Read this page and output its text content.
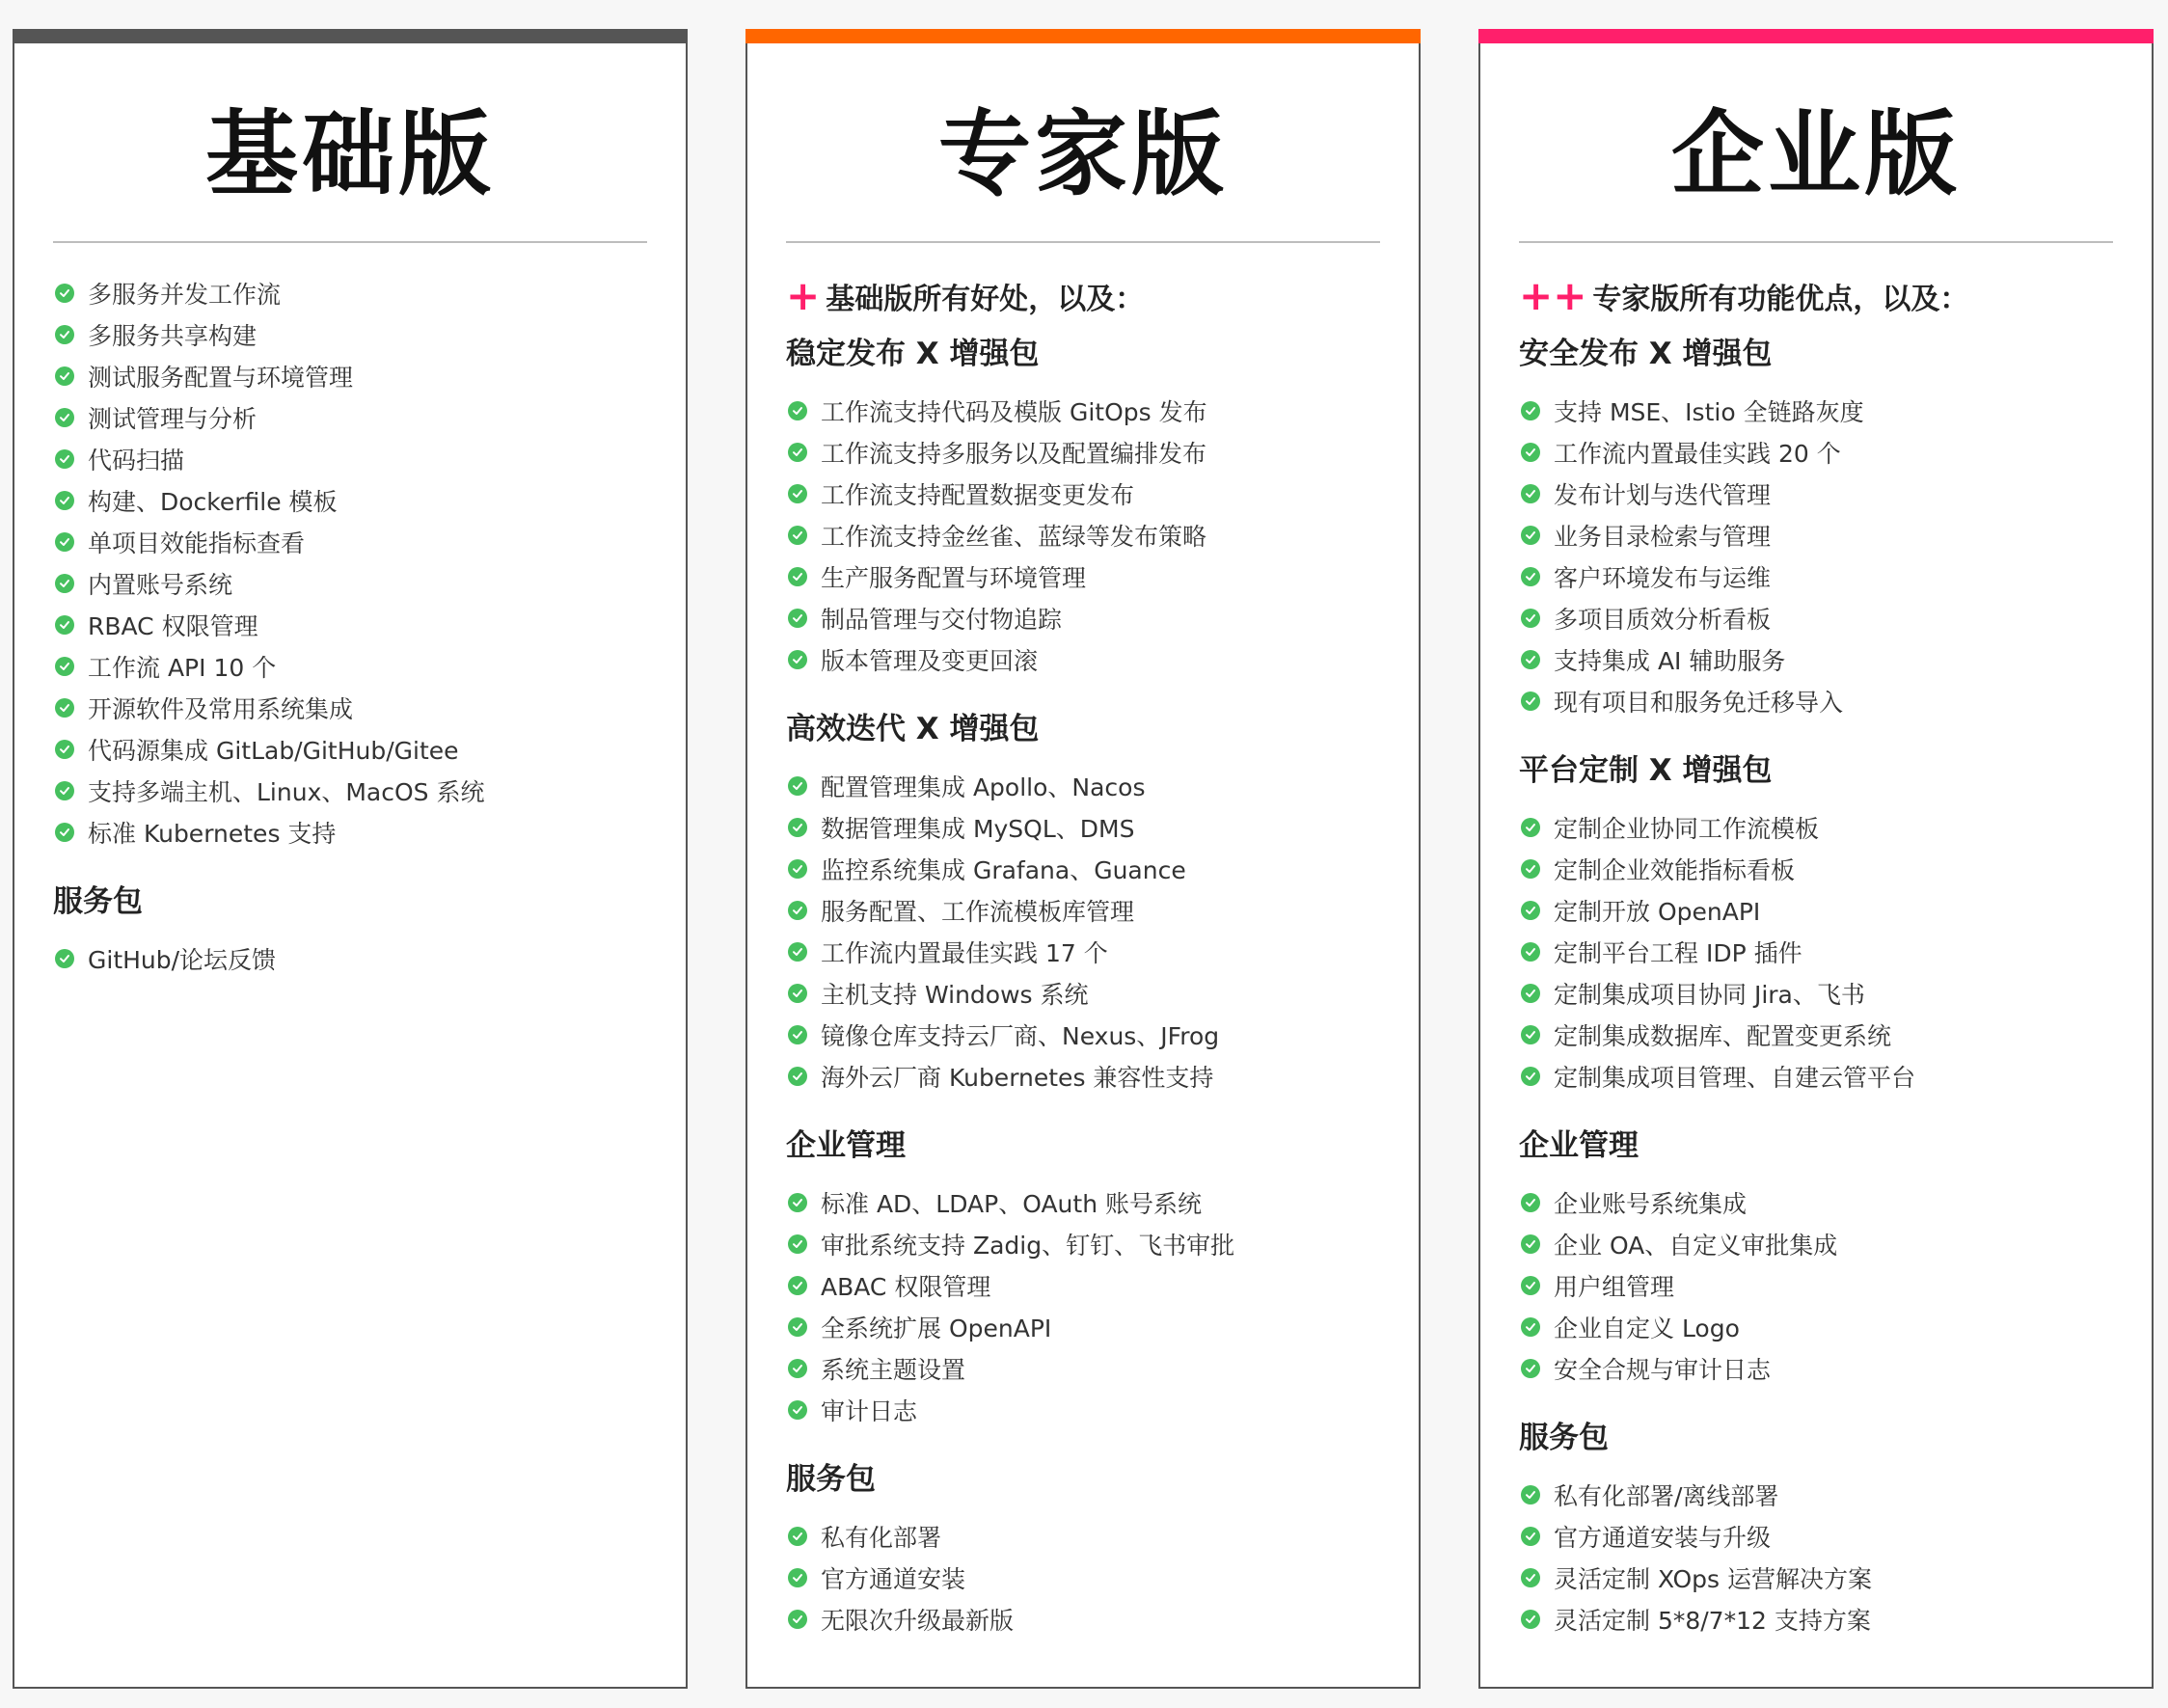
基础版
多服务并发工作流
多服务共享构建
测试服务配置与环境管理
测试管理与分析
代码扫描
构建、Dockerfile 模板
单项目效能指标查看
内置账号系统
RBAC 权限管理
工作流 API 10 个
开源软件及常用系统集成
代码源集成 GitLab/GitHub/Gitee
支持多端主机、Linux、MacOS 系统
标准 Kubernetes 支持
服务包
GitHub/论坛反馈
专家版
+ 基础版所有好处，以及：
稳定发布 X 增强包
工作流支持代码及模版 GitOps 发布
工作流支持多服务以及配置编排发布
工作流支持配置数据变更发布
工作流支持金丝雀、蓝绿等发布策略
生产服务配置与环境管理
制品管理与交付物追踪
版本管理及变更回滚
高效迭代 X 增强包
配置管理集成 Apollo、Nacos
数据管理集成 MySQL、DMS
监控系统集成 Grafana、Guance
服务配置、工作流模板库管理
工作流内置最佳实践 17 个
主机支持 Windows 系统
镜像仓库支持云厂商、Nexus、JFrog
海外云厂商 Kubernetes 兼容性支持
企业管理
标准 AD、LDAP、OAuth 账号系统
审批系统支持 Zadig、钉钉、飞书审批
ABAC 权限管理
全系统扩展 OpenAPI
系统主题设置
审计日志
服务包
私有化部署
官方通道安装
无限次升级最新版
企业版
++ 专家版所有功能优点，以及：
安全发布 X 增强包
支持 MSE、Istio 全链路灰度
工作流内置最佳实践 20 个
发布计划与迭代管理
业务目录检索与管理
客户环境发布与运维
多项目质效分析看板
支持集成 AI 辅助服务
现有项目和服务免迁移导入
平台定制 X 增强包
定制企业协同工作流模板
定制企业效能指标看板
定制开放 OpenAPI
定制平台工程 IDP 插件
定制集成项目协同 Jira、飞书
定制集成数据库、配置变更系统
定制集成项目管理、自建云管平台
企业管理
企业账号系统集成
企业 OA、自定义审批集成
用户组管理
企业自定义 Logo
安全合规与审计日志
服务包
私有化部署/离线部署
官方通道安装与升级
灵活定制 XOps 运营解决方案
灵活定制 5*8/7*12 支持方案
